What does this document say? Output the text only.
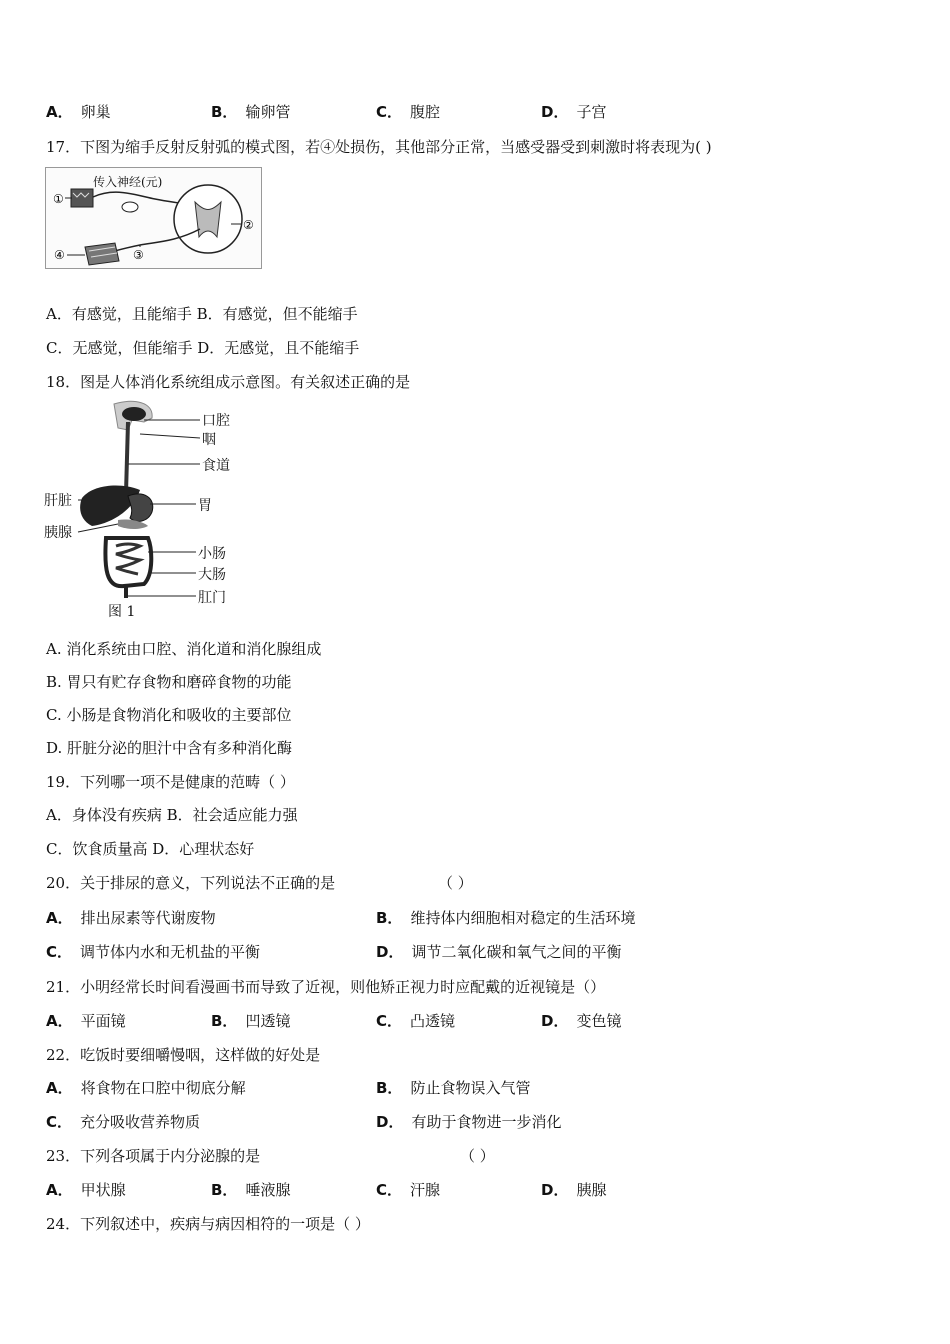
A． 卵巢	B． 输卵管	C． 腹腔	D． 子宫
17．下图为缩手反射反射弧的模式图，若④处损伤，其他部分正常，当感受器受到刺激时将表现为( )
传入神经(元)
①
②
③
④
A．有感觉，且能缩手 B．有感觉，但不能缩手
C．无感觉，但能缩手 D．无感觉，且不能缩手
18．图是人体消化系统组成示意图。有关叙述正确的是
口腔
咽
食道
肝脏	胃
胰腺
小肠
大肠
肛门
图 1
A. 消化系统由口腔、消化道和消化腺组成
B. 胃只有贮存食物和磨碎食物的功能
C. 小肠是食物消化和吸收的主要部位
D. 肝脏分泌的胆汁中含有多种消化酶
19．下列哪一项不是健康的范畴（ ）
A．身体没有疾病 B．社会适应能力强
C．饮食质量高 D．心理状态好
20．关于排尿的意义，下列说法不正确的是	（ ）
A． 排出尿素等代谢废物	B． 维持体内细胞相对稳定的生活环境
C． 调节体内水和无机盐的平衡	D． 调节二氧化碳和氧气之间的平衡
21．小明经常长时间看漫画书而导致了近视，则他矫正视力时应配戴的近视镜是（）
A． 平面镜	B． 凹透镜	C． 凸透镜	D． 变色镜
22．吃饭时要细嚼慢咽，这样做的好处是
A． 将食物在口腔中彻底分解	B． 防止食物误入气管
C． 充分吸收营养物质	D． 有助于食物进一步消化
23．下列各项属于内分泌腺的是	（ ）
A． 甲状腺	B． 唾液腺	C． 汗腺	D． 胰腺
24．下列叙述中，疾病与病因相符的一项是（ ）
